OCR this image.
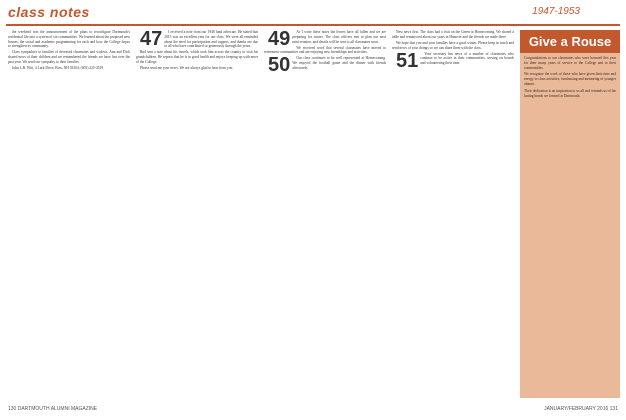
class notes	1947-1953

the weekend was the announcement of the plans to reconfigure Dartmouth's residential life into a system of six communities. We learned about the proposed new houses, the social and academic programming for each and how the College hopes to strengthen its community.

Class sympathies to families of deceased classmates and widows. Ann and Dick shared news of their children and we remembered the friends we have lost over the past year. We send our sympathy to their families.

John L.B. Witt, 4 Lark Drive, Bow, NH 03304; (603) 225-4519.

47 I received a note from our 1948 fund advocate. He stated that 2015 was an excellent year for our class. We were all reminded about the need for participation and support, and thanks are due to all who have contributed so generously through the years.

Bud sent a note about his travels, which took him across the country to visit his grandchildren. He reports that he is in good health and enjoys keeping up with news of the College.

Please send me your news. We are always glad to hear from you.

49 As I write these notes the leaves have all fallen and we are preparing for winter. The class officers met to plan our next mini-reunion, and details will be sent to all classmates soon.

We received word that several classmates have moved to retirement communities and are enjoying new friendships and activities.

50 Our class continues to be well represented at Homecoming. We enjoyed the football game and the dinner with friends afterwards.

New news first. The class had a visit on the Green at Homecoming. We shared a table and reminisced about our years in Hanover and the friends we made there.

We hope that you and your families have a good winter. Please keep in touch and send news of your doings so we can share them with the class.

51 Your secretary has news of a number of classmates who continue to be active in their communities, serving on boards and volunteering their time.

Give a Rouse

Congratulations to our classmates who were honored this year for their many years of service to the College and to their communities.

We recognize the work of those who have given their time and energy to class activities, fundraising and mentoring of younger alumni.

Their dedication is an inspiration to us all and reminds us of the lasting bonds we formed at Dartmouth.

130 DARTMOUTH ALUMNI MAGAZINE	JANUARY/FEBRUARY 2016 131
